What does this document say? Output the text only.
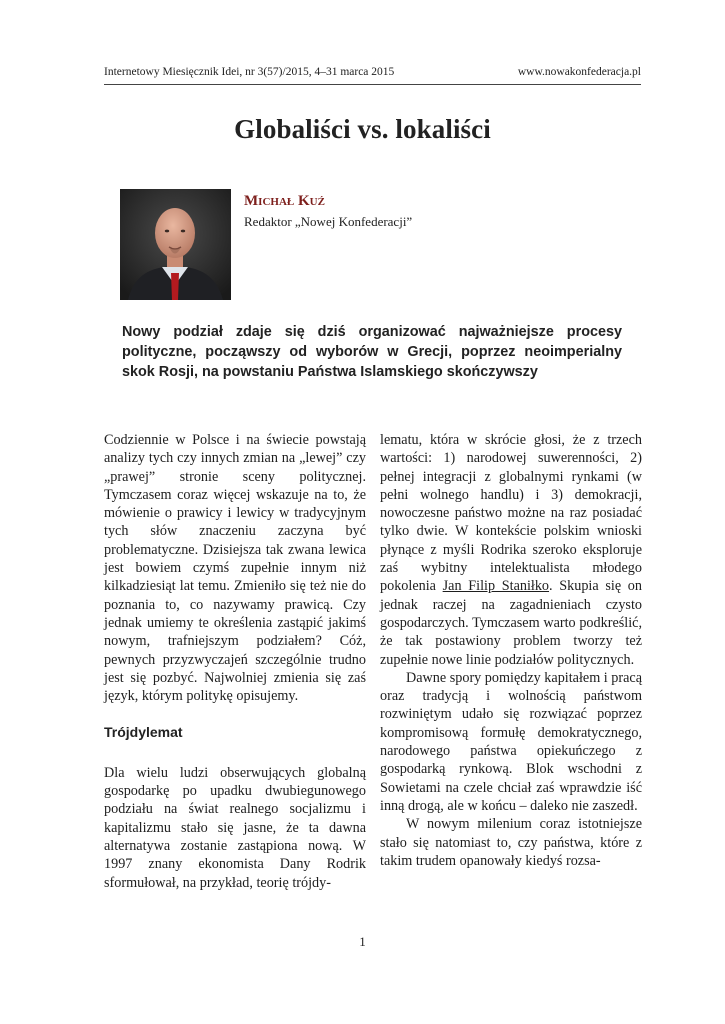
Internetowy Miesięcznik Idei, nr 3(57)/2015, 4–31 marca 2015	www.nowakonfederacja.pl
Globaliści vs. lokaliści
Michał Kuź
Redaktor „Nowej Konfederacji”
Nowy podział zdaje się dziś organizować najważniejsze procesy polityczne, począwszy od wyborów w Grecji, poprzez neoimperialny skok Rosji, na powstaniu Państwa Islamskiego skończywszy

Codziennie w Polsce i na świecie powstają analizy tych czy innych zmian na „lewej” czy „prawej” stronie sceny politycznej. Tymczasem coraz więcej wskazuje na to, że mówienie o prawicy i lewicy w tradycyjnym tych słów znaczeniu zaczyna być problematyczne. Dzisiejsza tak zwana lewica jest bowiem czymś zupełnie innym niż kilkadziesiąt lat temu. Zmieniło się też nie do poznania to, co nazywamy prawicą. Czy jednak umiemy te określenia zastąpić jakimś nowym, trafniejszym podziałem? Cóż, pewnych przyzwyczajeń szczególnie trudno jest się pozbyć. Najwolniej zmienia się zaś język, którym politykę opisujemy.

Trójdylemat

Dla wielu ludzi obserwujących globalną gospodarkę po upadku dwubiegunowego podziału na świat realnego socjalizmu i kapitalizmu stało się jasne, że ta dawna alternatywa zostanie zastąpiona nową. W 1997 znany ekonomista Dany Rodrik sformułował, na przykład, teorię trójdy-

lematu, która w skrócie głosi, że z trzech wartości: 1) narodowej suwerenności, 2) pełnej integracji z globalnymi rynkami (w pełni wolnego handlu) i 3) demokracji, nowoczesne państwo możne na raz posiadać tylko dwie. W kontekście polskim wnioski płynące z myśli Rodrika szeroko eksploruje zaś wybitny intelektualista młodego pokolenia Jan Filip Staniłko. Skupia się on jednak raczej na zagadnieniach czysto gospodarczych. Tymczasem warto podkreślić, że tak postawiony problem tworzy też zupełnie nowe linie podziałów politycznych.

Dawne spory pomiędzy kapitałem i pracą oraz tradycją i wolnością państwom rozwiniętym udało się rozwiązać poprzez kompromisową formułę demokratycznego, narodowego państwa opiekuńczego z gospodarką rynkową. Blok wschodni z Sowietami na czele chciał zaś wprawdzie iść inną drogą, ale w końcu – daleko nie zaszedł.

W nowym milenium coraz istotniejsze stało się natomiast to, czy państwa, które z takim trudem opanowały kiedyś rozsa-

1
